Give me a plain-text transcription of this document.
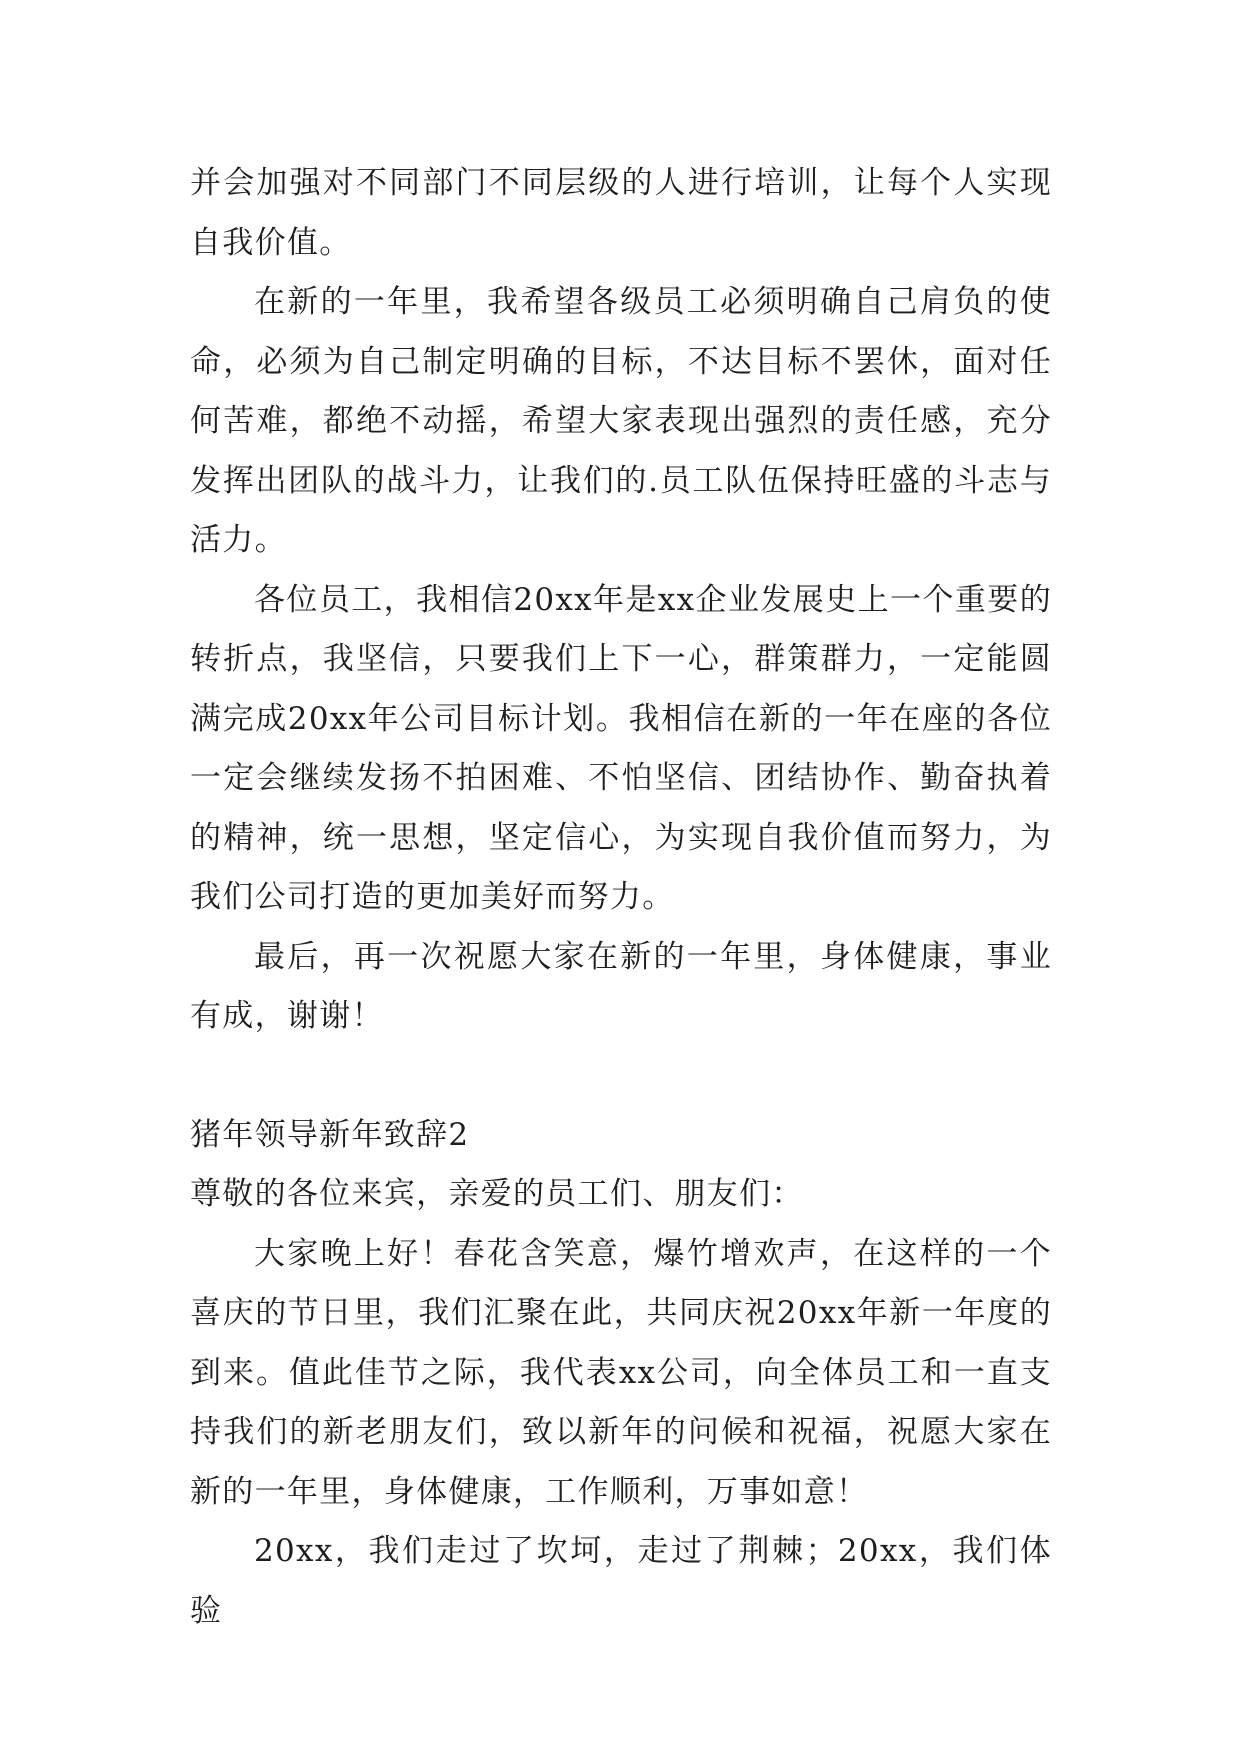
并会加强对不同部门不同层级的人进行培训，让每个人实现自我价值。

在新的一年里，我希望各级员工必须明确自己肩负的使命，必须为自己制定明确的目标，不达目标不罢休，面对任何苦难，都绝不动摇，希望大家表现出强烈的责任感，充分发挥出团队的战斗力，让我们的.员工队伍保持旺盛的斗志与活力。

各位员工，我相信20xx年是xx企业发展史上一个重要的转折点，我坚信，只要我们上下一心，群策群力，一定能圆满完成20xx年公司目标计划。我相信在新的一年在座的各位一定会继续发扬不拍困难、不怕坚信、团结协作、勤奋执着的精神，统一思想，坚定信心，为实现自我价值而努力，为我们公司打造的更加美好而努力。

最后，再一次祝愿大家在新的一年里，身体健康，事业有成，谢谢！

猪年领导新年致辞2

尊敬的各位来宾，亲爱的员工们、朋友们：

大家晚上好！春花含笑意，爆竹增欢声，在这样的一个喜庆的节日里，我们汇聚在此，共同庆祝20xx年新一年度的到来。值此佳节之际，我代表xx公司，向全体员工和一直支持我们的新老朋友们，致以新年的问候和祝福，祝愿大家在新的一年里，身体健康，工作顺利，万事如意！

20xx，我们走过了坎坷，走过了荆棘；20xx，我们体验
